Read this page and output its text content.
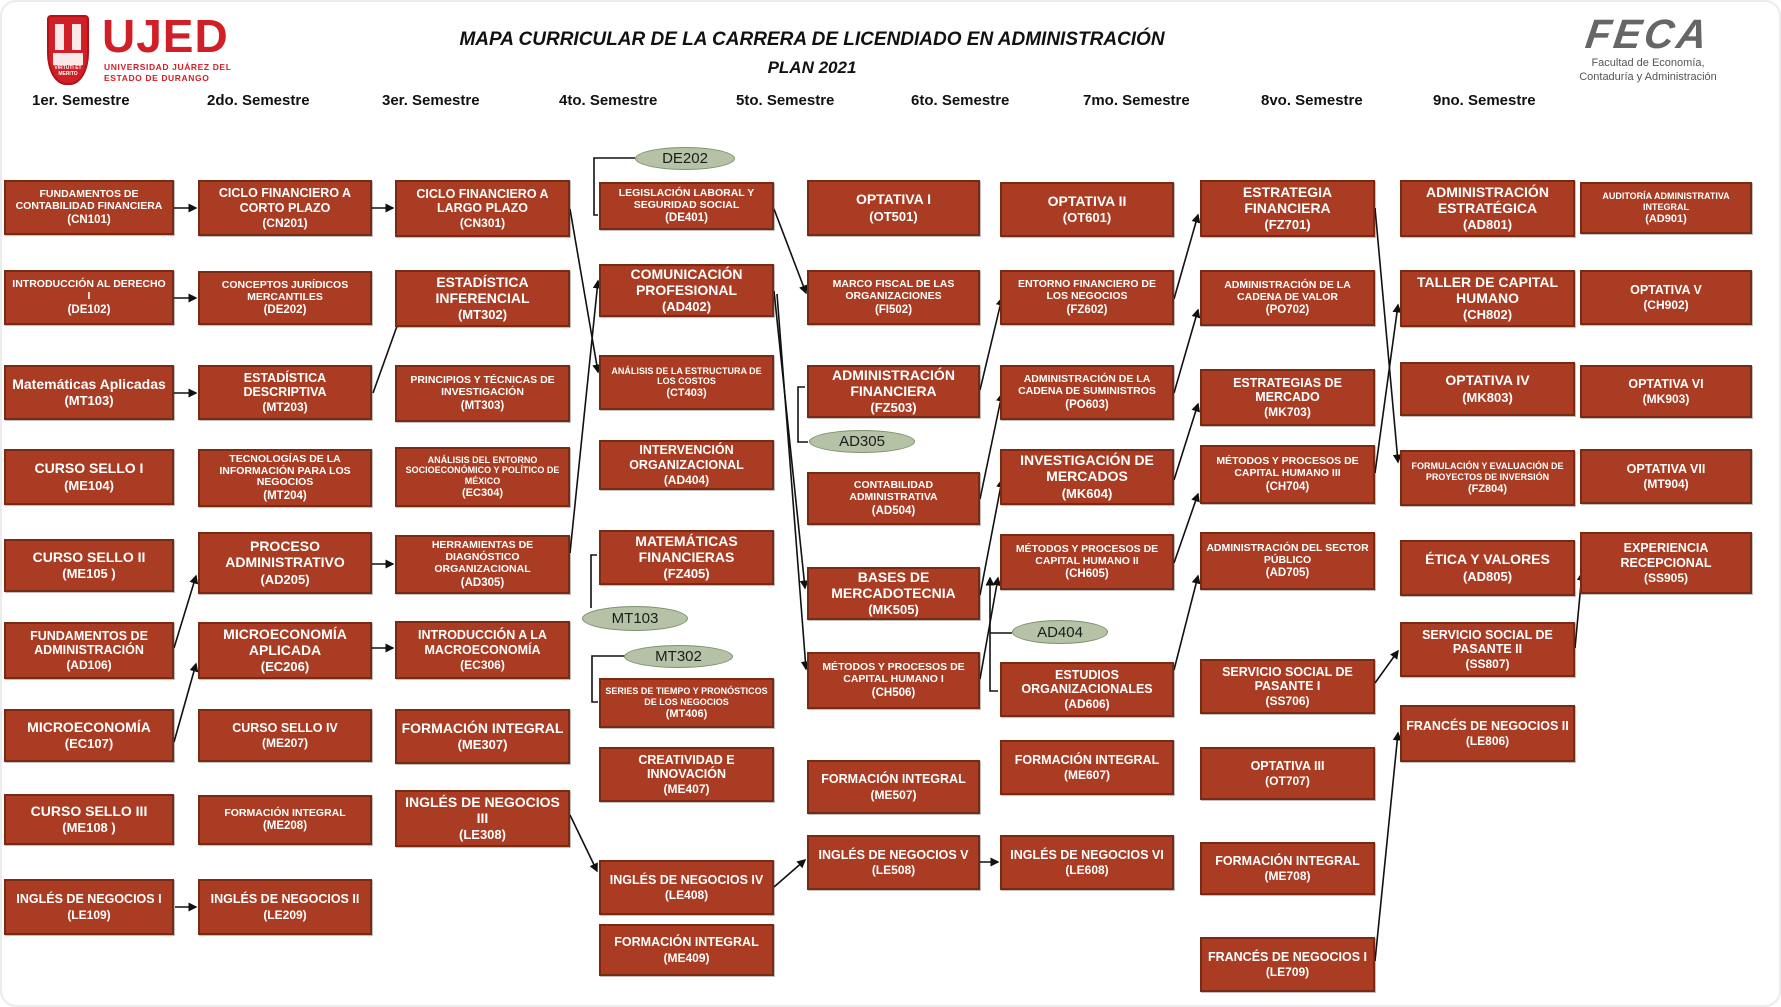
VIRTUTI ET MERITO
UJED
UNIVERSIDAD JUÁREZ DEL
ESTADO DE DURANGO
MAPA CURRICULAR DE LA CARRERA DE LICENDIADO EN ADMINISTRACIÓN
PLAN 2021
FECA
Facultad de Economía,
Contaduría y Administración
1er. Semestre	2do. Semestre	3er. Semestre	4to. Semestre	5to. Semestre	6to. Semestre	7mo. Semestre	8vo. Semestre	9no. Semestre
FUNDAMENTOS DE CONTABILIDAD FINANCIERA
(CN101)
INTRODUCCIÓN AL DERECHO I
(DE102)
Matemáticas Aplicadas
(MT103)
CURSO SELLO I
(ME104)
CURSO SELLO II
(ME105 )
FUNDAMENTOS DE ADMINISTRACIÓN
(AD106)
MICROECONOMÍA
(EC107)
CURSO SELLO III
(ME108 )
INGLÉS DE NEGOCIOS I
(LE109)
CICLO FINANCIERO A CORTO PLAZO
(CN201)
CONCEPTOS JURÍDICOS MERCANTILES
(DE202)
ESTADÍSTICA DESCRIPTIVA
(MT203)
TECNOLOGÍAS DE LA INFORMACIÓN PARA LOS NEGOCIOS
(MT204)
PROCESO ADMINISTRATIVO
(AD205)
MICROECONOMÍA APLICADA
(EC206)
CURSO SELLO IV
(ME207)
FORMACIÓN INTEGRAL
(ME208)
INGLÉS DE NEGOCIOS II
(LE209)
CICLO FINANCIERO A LARGO PLAZO
(CN301)
ESTADÍSTICA INFERENCIAL
(MT302)
PRINCIPIOS Y TÉCNICAS DE INVESTIGACIÓN
(MT303)
ANÁLISIS DEL ENTORNO SOCIOECONÓMICO Y POLÍTICO DE MÉXICO
(EC304)
HERRAMIENTAS DE DIAGNÓSTICO ORGANIZACIONAL
(AD305)
INTRODUCCIÓN A LA MACROECONOMÍA
(EC306)
FORMACIÓN INTEGRAL
(ME307)
INGLÉS DE NEGOCIOS III
(LE308)
LEGISLACIÓN LABORAL Y SEGURIDAD SOCIAL
(DE401)
COMUNICACIÓN PROFESIONAL
(AD402)
ANÁLISIS DE LA ESTRUCTURA DE LOS COSTOS
(CT403)
INTERVENCIÓN ORGANIZACIONAL
(AD404)
MATEMÁTICAS FINANCIERAS
(FZ405)
SERIES DE TIEMPO Y PRONÓSTICOS DE LOS NEGOCIOS
(MT406)
CREATIVIDAD E INNOVACIÓN
(ME407)
INGLÉS DE NEGOCIOS IV
(LE408)
FORMACIÓN INTEGRAL
(ME409)
OPTATIVA I
(OT501)
MARCO FISCAL DE LAS ORGANIZACIONES
(FI502)
ADMINISTRACIÓN FINANCIERA
(FZ503)
CONTABILIDAD ADMINISTRATIVA
(AD504)
BASES DE MERCADOTECNIA
(MK505)
MÉTODOS Y PROCESOS DE CAPITAL HUMANO I
(CH506)
FORMACIÓN INTEGRAL
(ME507)
INGLÉS DE NEGOCIOS V
(LE508)
OPTATIVA II
(OT601)
ENTORNO FINANCIERO DE LOS NEGOCIOS
(FZ602)
ADMINISTRACIÓN DE LA CADENA DE SUMINISTROS
(PO603)
INVESTIGACIÓN DE MERCADOS
(MK604)
MÉTODOS Y PROCESOS DE CAPITAL HUMANO II
(CH605)
ESTUDIOS ORGANIZACIONALES
(AD606)
FORMACIÓN INTEGRAL
(ME607)
INGLÉS DE NEGOCIOS VI
(LE608)
ESTRATEGIA FINANCIERA
(FZ701)
ADMINISTRACIÓN DE LA CADENA DE VALOR
(PO702)
ESTRATEGIAS DE MERCADO
(MK703)
MÉTODOS Y PROCESOS DE CAPITAL HUMANO III
(CH704)
ADMINISTRACIÓN DEL SECTOR PÚBLICO
(AD705)
SERVICIO SOCIAL DE PASANTE I
(SS706)
OPTATIVA III
(OT707)
FORMACIÓN INTEGRAL
(ME708)
FRANCÉS DE NEGOCIOS I
(LE709)
ADMINISTRACIÓN ESTRATÉGICA
(AD801)
TALLER DE CAPITAL HUMANO
(CH802)
OPTATIVA IV
(MK803)
FORMULACIÓN Y EVALUACIÓN DE PROYECTOS DE INVERSIÓN
(FZ804)
ÉTICA Y VALORES
(AD805)
SERVICIO SOCIAL DE PASANTE II
(SS807)
FRANCÉS DE NEGOCIOS II
(LE806)
AUDITORÍA ADMINISTRATIVA INTEGRAL
(AD901)
OPTATIVA V
(CH902)
OPTATIVA VI
(MK903)
OPTATIVA VII
(MT904)
EXPERIENCIA RECEPCIONAL
(SS905)
DE202
MT103
MT302
AD305
AD404
